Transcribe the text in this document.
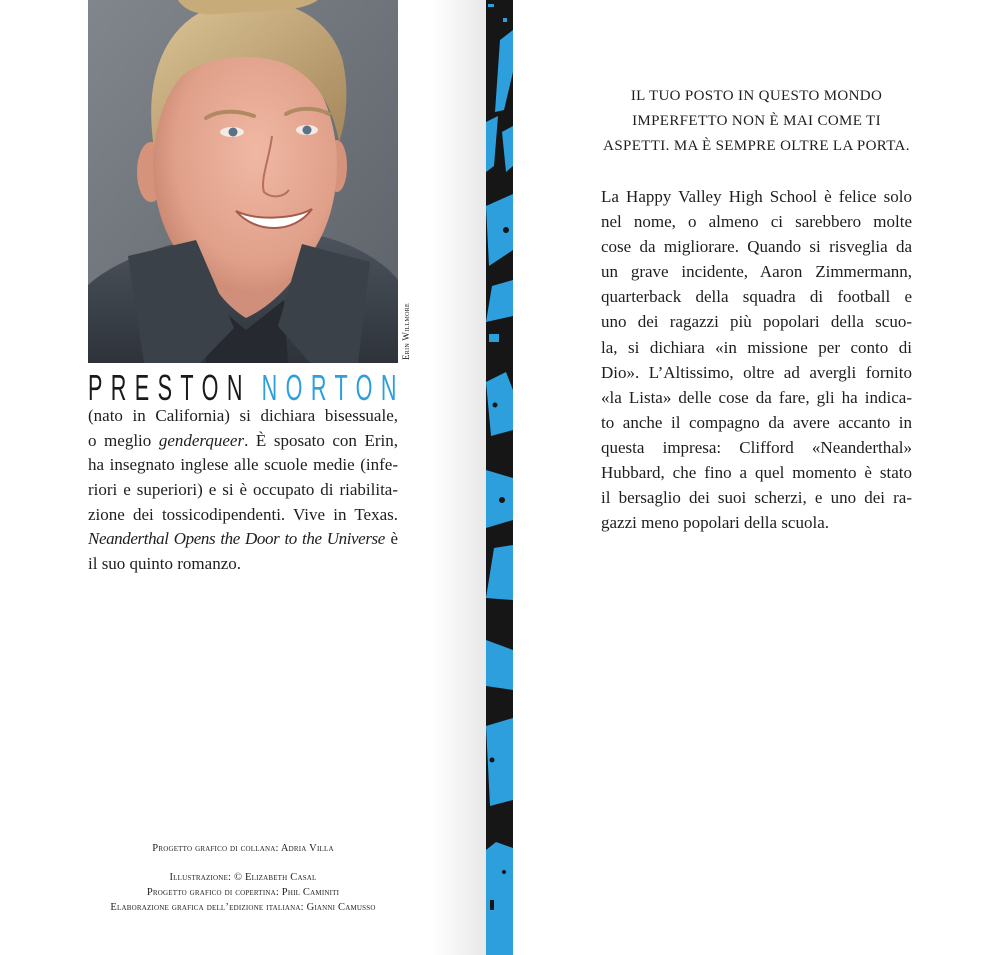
Erin Willmore
PRESTON NORTON
(nato in California) si dichiara bisessuale,
o meglio genderqueer. È sposato con Erin,
ha insegnato inglese alle scuole medie (infe-
riori e superiori) e si è occupato di riabilita-
zione dei tossicodipendenti. Vive in Texas.
Neanderthal Opens the Door to the Universe è
il suo quinto romanzo.
Progetto grafico di collana: Adria Villa
Illustrazione: © Elizabeth Casal
Progetto grafico di copertina: Phil Caminiti
Elaborazione grafica dell’edizione italiana: Gianni Camusso
IL TUO POSTO IN QUESTO MONDO
IMPERFETTO NON È MAI COME TI
ASPETTI. MA È SEMPRE OLTRE LA PORTA.
La Happy Valley High School è felice solo
nel nome, o almeno ci sarebbero molte
cose da migliorare. Quando si risveglia da
un grave incidente, Aaron Zimmermann,
quarterback della squadra di football e
uno dei ragazzi più popolari della scuo-
la, si dichiara «in missione per conto di
Dio». L’Altissimo, oltre ad avergli fornito
«la Lista» delle cose da fare, gli ha indica-
to anche il compagno da avere accanto in
questa impresa: Clifford «Neanderthal»
Hubbard, che fino a quel momento è stato
il bersaglio dei suoi scherzi, e uno dei ra-
gazzi meno popolari della scuola.
